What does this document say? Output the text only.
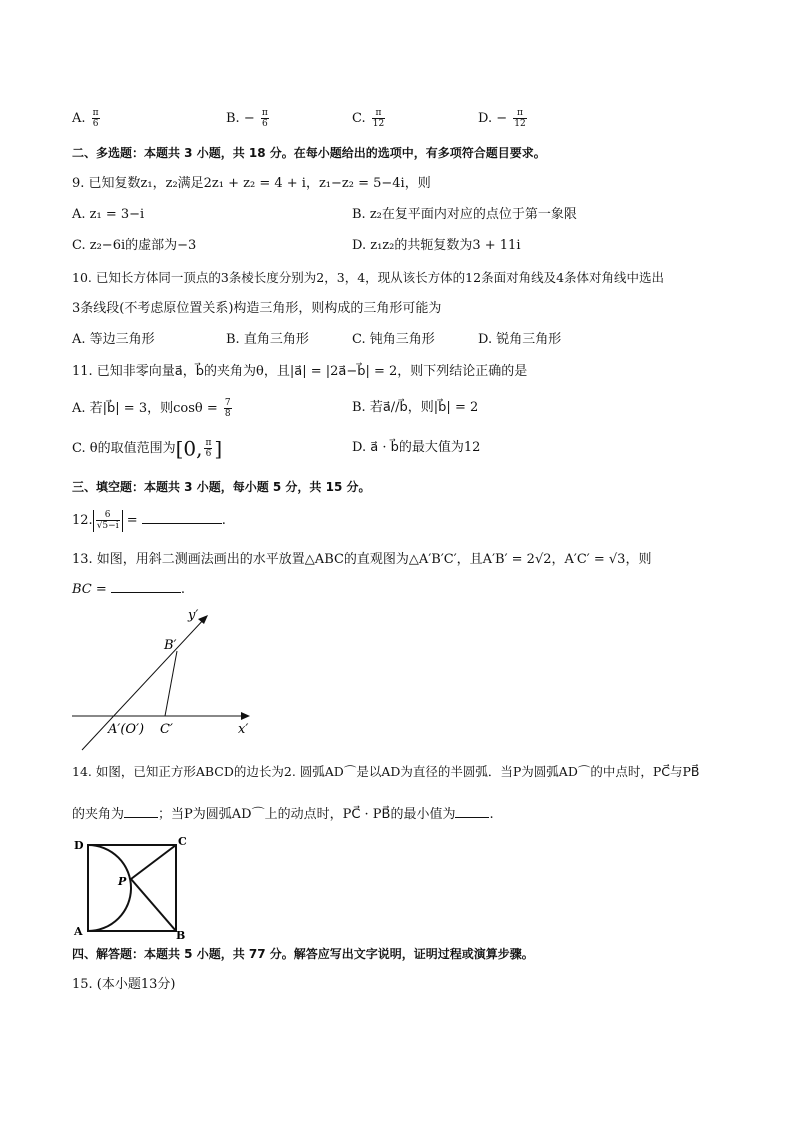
A. $\frac{\pi}{6}$	B. − $\frac{\pi}{6}$	C. $\frac{\pi}{12}$	D. − $\frac{\pi}{12}$
二、多选题：本题共 3 小题，共 18 分。在每小题给出的选项中，有多项符合题目要求。
9. 已知复数z₁，z₂满足2z₁ + z₂ = 4 + i，z₁−z₂ = 5−4i，则
A. z₁ = 3−i	B. z₂在复平面内对应的点位于第一象限
C. z₂−6i的虚部为−3	D. z₁z₂的共轭复数为3 + 11i
10. 已知长方体同一顶点的3条棱长度分别为2，3，4，现从该长方体的12条面对角线及4条体对角线中选出
3条线段(不考虑原位置关系)构造三角形，则构成的三角形可能为
A. 等边三角形	B. 直角三角形	C. 钝角三角形	D. 锐角三角形
11. 已知非零向量a⃗，b⃗的夹角为θ，且|a⃗| = |2a⃗−b⃗| = 2，则下列结论正确的是
A. 若|b⃗| = 3，则$\cos\theta = \frac{7}{8}$	B. 若a⃗//b⃗，则|b⃗| = 2
C. θ的取值范围为[0, $\frac{\pi}{6}$ ]	D. a⃗ · b⃗的最大值为12
三、填空题：本题共 3 小题，每小题 5 分，共 15 分。
12. $\frac{6}{√5-i}$ =	.
13. 如图，用斜二测画法画出的水平放置△ABC的直观图为△A′B′C′，且A′B′ = 2√2，A′C′ = √3，则
BC =	.
y′
x′
B′
A′(O′) C′
14. 如图，已知正方形ABCD的边长为2. 圆弧AD⌒是以AD为直径的半圆弧．当P为圆弧AD⌒的中点时，PC⃗与PB⃗
的夹角为	；当P为圆弧AD⌒上的动点时，PC⃗ · PB⃗的最小值为	.
D	C
A	B
P
四、解答题：本题共 5 小题，共 77 分。解答应写出文字说明，证明过程或演算步骤。
15. (本小题13分)
